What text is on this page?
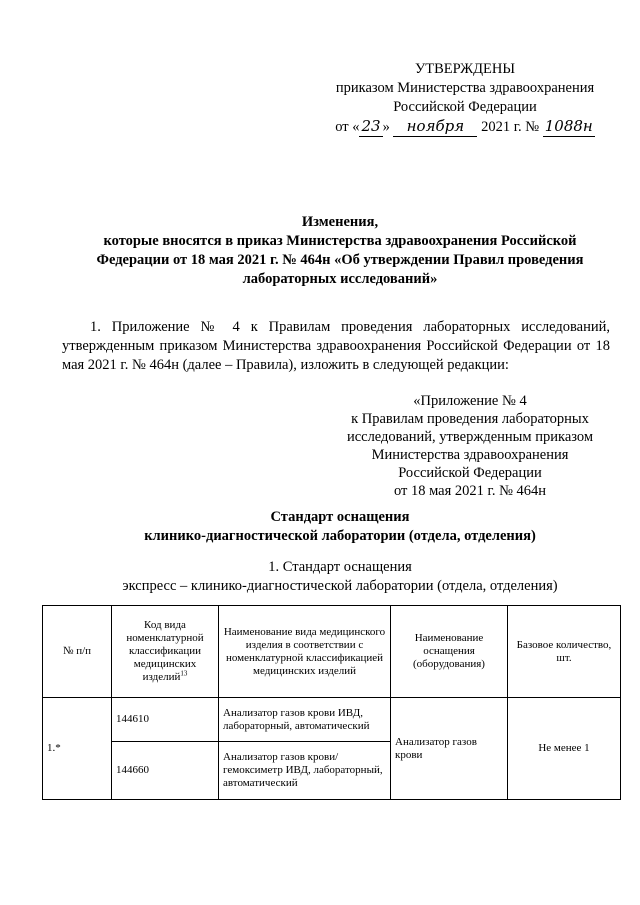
УТВЕРЖДЕНЫ
приказом Министерства здравоохранения
Российской Федерации
от « 23 » ноября 2021 г. № 1088н
Изменения,
которые вносятся в приказ Министерства здравоохранения Российской
Федерации от 18 мая 2021 г. № 464н «Об утверждении Правил проведения
лабораторных исследований»
1. Приложение № 4 к Правилам проведения лабораторных исследований, утвержденным приказом Министерства здравоохранения Российской Федерации от 18 мая 2021 г. № 464н (далее – Правила), изложить в следующей редакции:
«Приложение № 4
к Правилам проведения лабораторных
исследований, утвержденным приказом
Министерства здравоохранения
Российской Федерации
от 18 мая 2021 г. № 464н
Стандарт оснащения
клинико-диагностической лаборатории (отдела, отделения)
1. Стандарт оснащения
экспресс – клинико-диагностической лаборатории (отдела, отделения)
№ п/п	Код вида номенклатурной классификации медицинских изделий$^{13}$	Наименование вида медицинского изделия в соответствии с номенклатурной классификацией медицинских изделий	Наименование оснащения (оборудования)	Базовое количество, шт.
1.*	144610	Анализатор газов крови ИВД, лабораторный, автоматический	Анализатор газов крови	Не менее 1
	144660	Анализатор газов крови/гемоксиметр ИВД, лабораторный, автоматический		
